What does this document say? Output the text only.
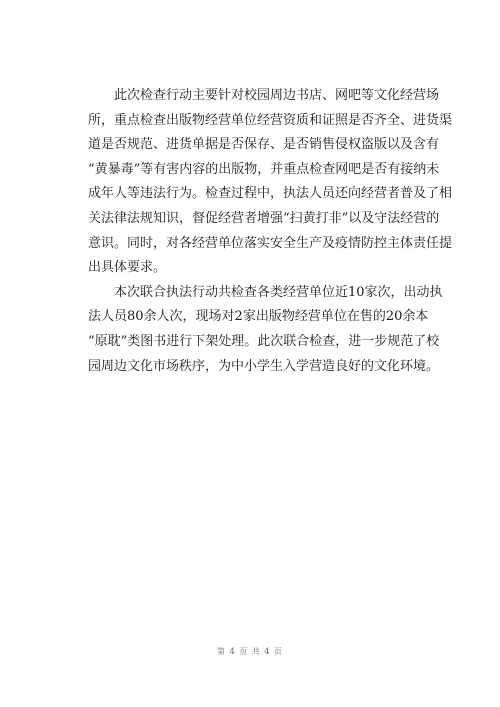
此次检查行动主要针对校园周边书店、网吧等文化经营场
所，重点检查出版物经营单位经营资质和证照是否齐全、进货渠
道是否规范、进货单据是否保存、是否销售侵权盗版以及含有
“黄暴毒”等有害内容的出版物，并重点检查网吧是否有接纳未
成年人等违法行为。检查过程中，执法人员还向经营者普及了相
关法律法规知识，督促经营者增强“扫黄打非”以及守法经营的
意识。同时，对各经营单位落实安全生产及疫情防控主体责任提
出具体要求。
本次联合执法行动共检查各类经营单位近10家次，出动执
法人员80余人次，现场对2家出版物经营单位在售的20余本
“原耽”类图书进行下架处理。此次联合检查，进一步规范了校
园周边文化市场秩序，为中小学生入学营造良好的文化环境。
第 4 页 共 4 页
